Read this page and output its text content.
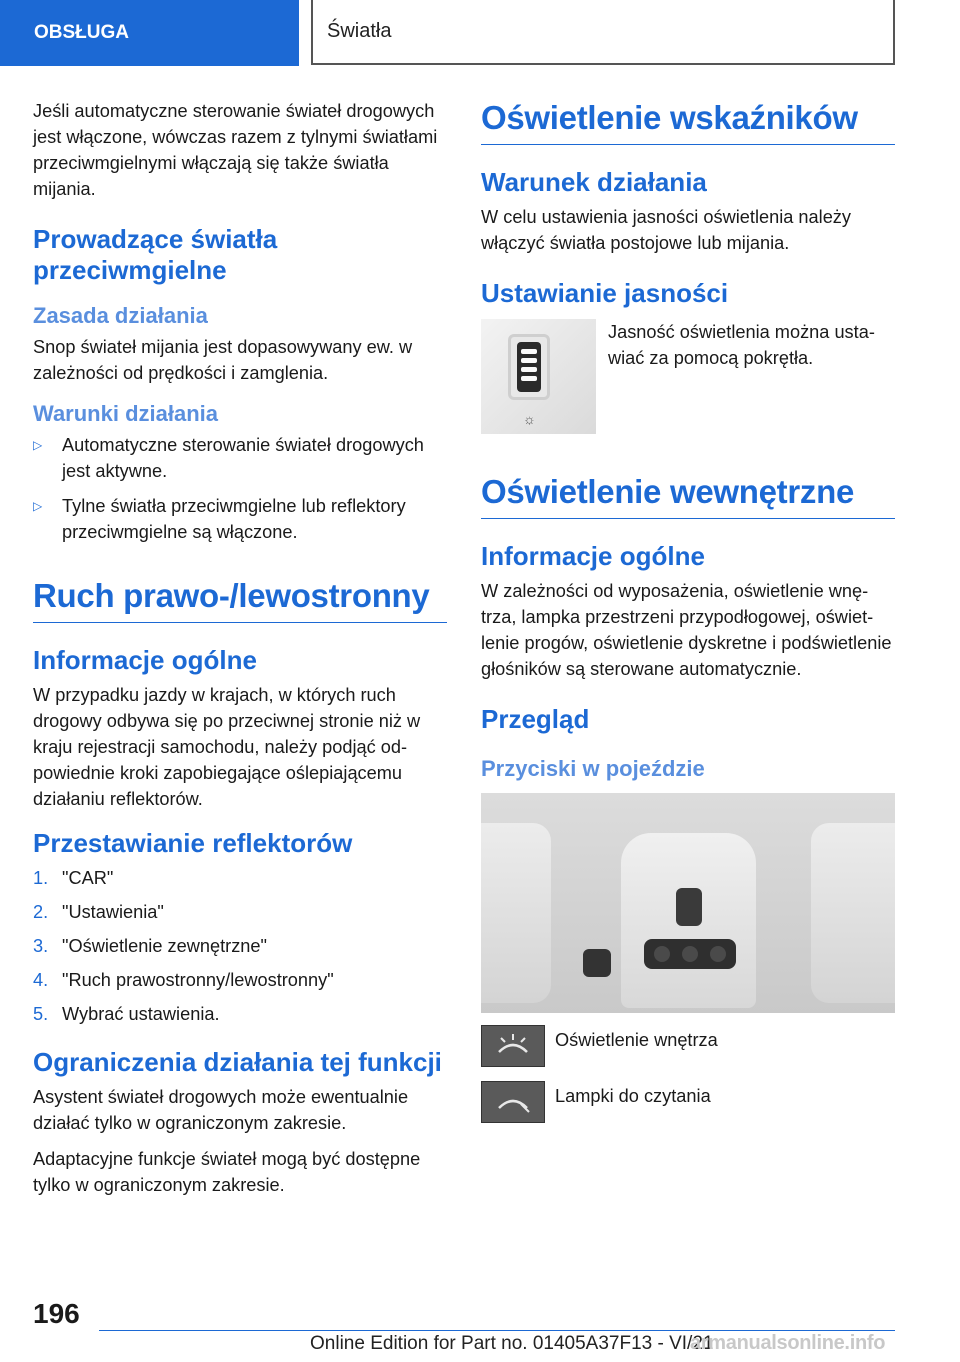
OBSŁUGA	Światła

Jeśli automatyczne sterowanie świateł drogowych jest włączone, wówczas razem z tylnymi światłami przeciwmgielnymi włączają się także światła mijania.

Prowadzące światła przeciwmgielne
Zasada działania

Snop świateł mijania jest dopasowywany ew. w zależności od prędkości i zamglenia.

Warunki działania
▷ Automatyczne sterowanie świateł drogowych jest aktywne.
▷ Tylne światła przeciwmgielne lub reflektory przeciwmgielne są włączone.
Ruch prawo-/lewostronny
Informacje ogólne

W przypadku jazdy w krajach, w których ruch drogowy odbywa się po przeciwnej stronie niż w kraju rejestracji samochodu, należy podjąć odpowiednie kroki zapobiegające oślepiającemu działaniu reflektorów.

Przestawianie reflektorów
1. "CAR"
2. "Ustawienia"
3. "Oświetlenie zewnętrzne"
4. "Ruch prawostronny/lewostronny"
5. Wybrać ustawienia.
Ograniczenia działania tej funkcji

Asystent świateł drogowych może ewentualnie działać tylko w ograniczonym zakresie.

Adaptacyjne funkcje świateł mogą być dostępne tylko w ograniczonym zakresie.

Oświetlenie wskaźników
Warunek działania

W celu ustawienia jasności oświetlenia należy włączyć światła postojowe lub mijania.

Ustawianie jasności
☼
Jasność oświetlenia można ustawiać za pomocą pokrętła.
Oświetlenie wewnętrzne
Informacje ogólne

W zależności od wyposażenia, oświetlenie wnętrza, lampka przestrzeni przypodłogowej, oświetlenie progów, oświetlenie dyskretne i podświetlenie głośników są sterowane automatycznie.

Przegląd
Przyciski w pojeździe
Oświetlenie wnętrza
Lampki do czytania
196
Online Edition for Part no. 01405A37F13 - VI/21
armanualsonline.info
